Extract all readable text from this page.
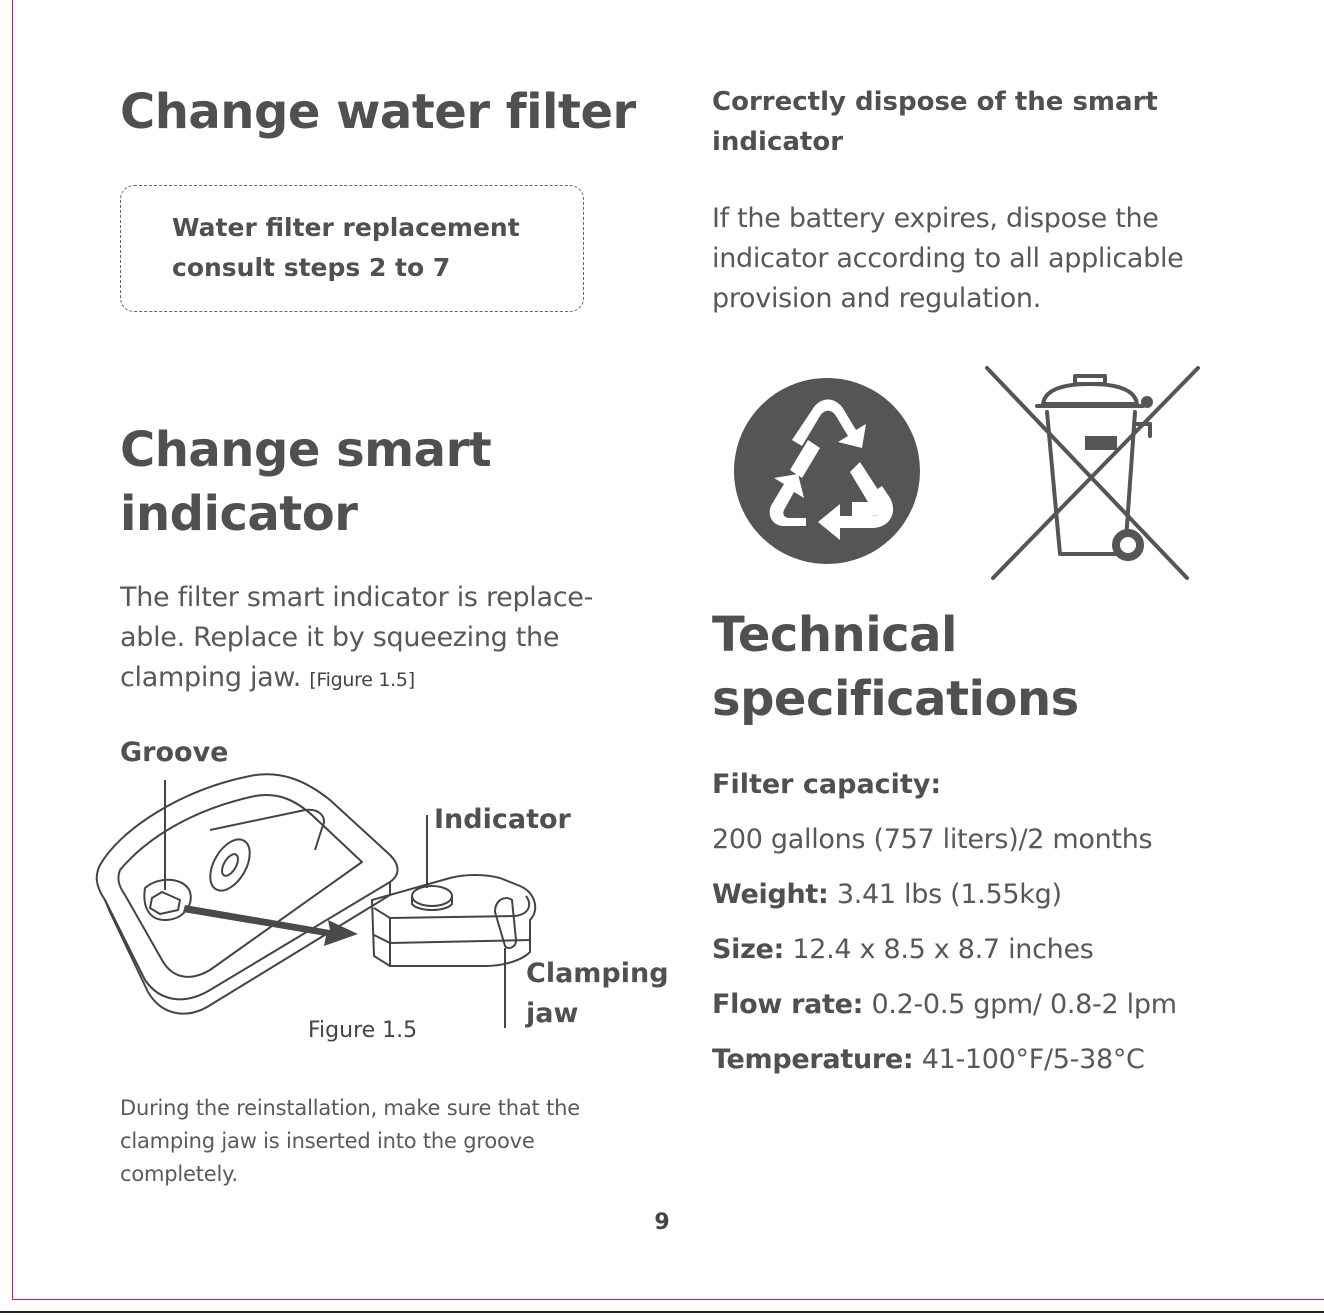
Change water filter
Water filter replacement
consult steps 2 to 7
Change smart
indicator
The filter smart indicator is replace-
able. Replace it by squeezing the
clamping jaw. [Figure 1.5]
Groove
Indicator
Clamping
jaw
Figure 1.5
During the reinstallation, make sure that the
clamping jaw is inserted into the groove
completely.
Correctly dispose of the smart
indicator
If the battery expires, dispose the
indicator according to all applicable
provision and regulation.
Technical
specifications
Filter capacity:
200 gallons (757 liters)/2 months
Weight: 3.41 lbs (1.55kg)
Size: 12.4 x 8.5 x 8.7 inches
Flow rate: 0.2-0.5 gpm/ 0.8-2 lpm
Temperature: 41-100°F/5-38°C
9
